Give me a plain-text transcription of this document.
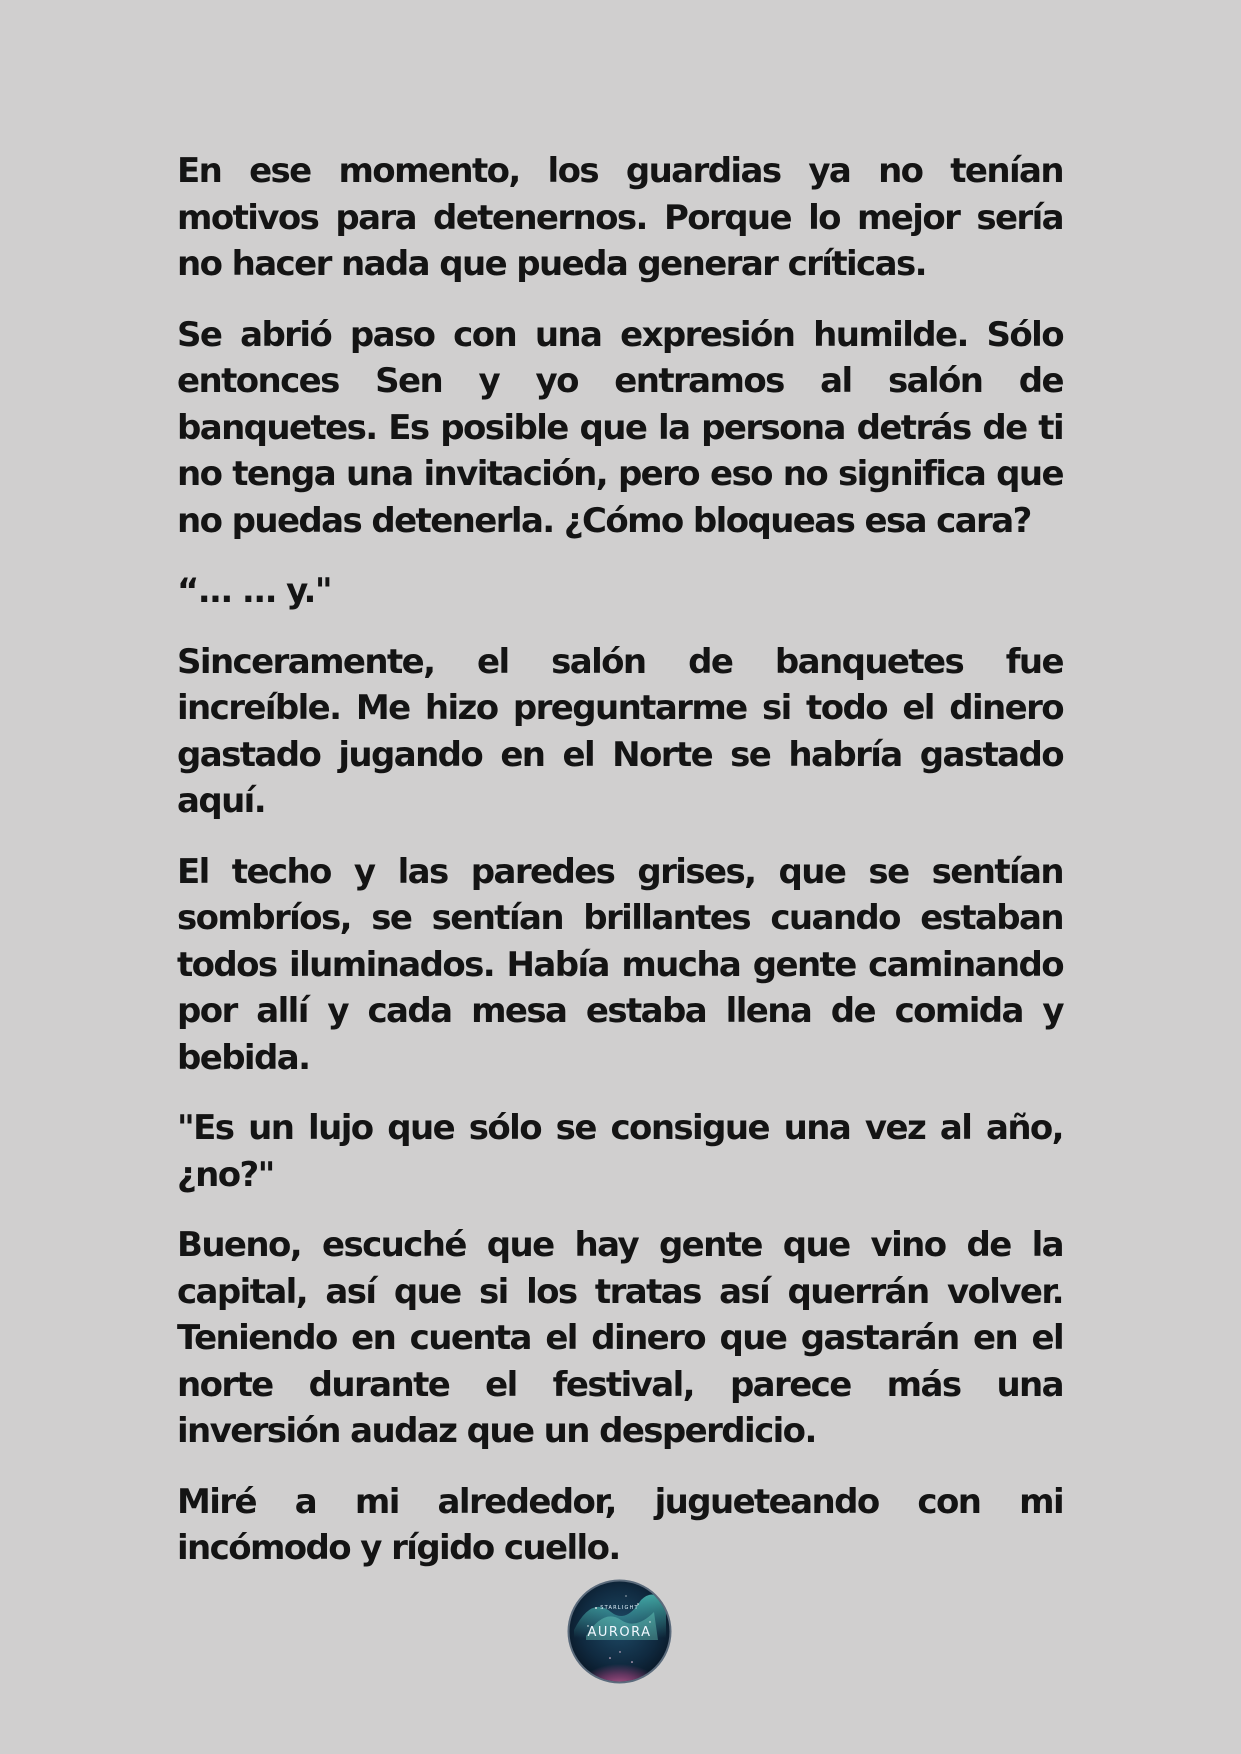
En ese momento, los guardias ya no tenían motivos para detenernos. Porque lo mejor sería no hacer nada que pueda generar críticas.

Se abrió paso con una expresión humilde. Sólo entonces Sen y yo entramos al salón de banquetes. Es posible que la persona detrás de ti no tenga una invitación, pero eso no significa que no puedas detenerla. ¿Cómo bloqueas esa cara?

“... ... y."

Sinceramente, el salón de banquetes fue increíble. Me hizo preguntarme si todo el dinero gastado jugando en el Norte se habría gastado aquí.

El techo y las paredes grises, que se sentían sombríos, se sentían brillantes cuando estaban todos iluminados. Había mucha gente caminando por allí y cada mesa estaba llena de comida y bebida.

"Es un lujo que sólo se consigue una vez al año, ¿no?"

Bueno, escuché que hay gente que vino de la capital, así que si los tratas así querrán volver. Teniendo en cuenta el dinero que gastarán en el norte durante el festival, parece más una inversión audaz que un desperdicio.

Miré a mi alrededor, jugueteando con mi incómodo y rígido cuello.

STARLIGHT
AURORA
